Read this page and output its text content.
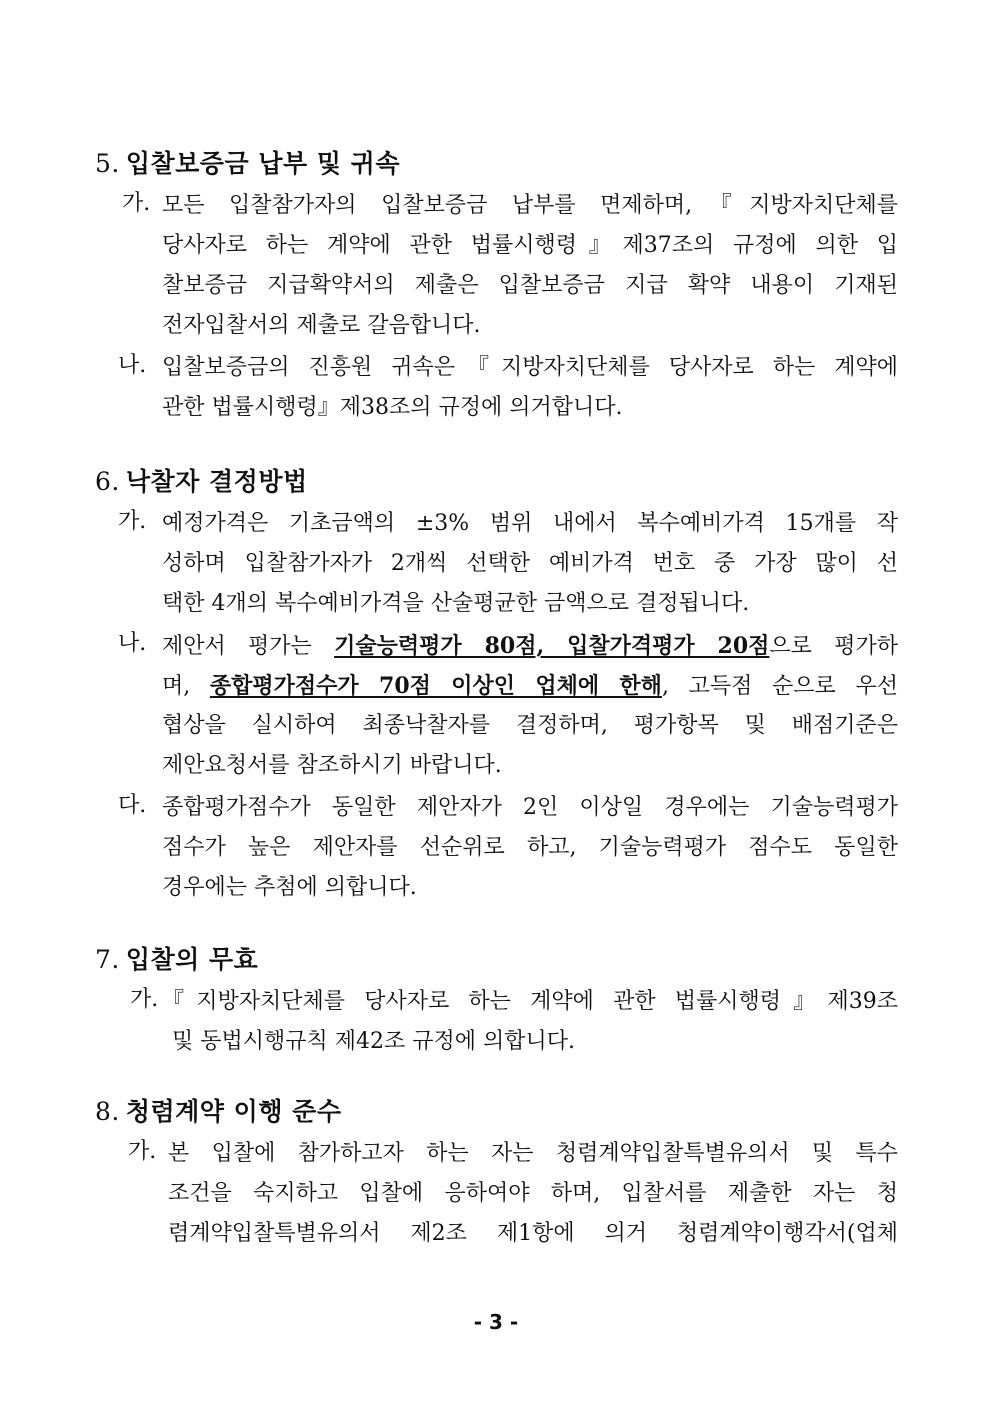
5. 입찰보증금 납부 및 귀속
가. 모든 입찰참가자의 입찰보증금 납부를 면제하며,『지방자치단체를
당사자로 하는 계약에 관한 법률시행령』제37조의 규정에 의한 입
찰보증금 지급확약서의 제출은 입찰보증금 지급 확약 내용이 기재된
전자입찰서의 제출로 갈음합니다.
나. 입찰보증금의 진흥원 귀속은『지방자치단체를 당사자로 하는 계약에
관한 법률시행령』제38조의 규정에 의거합니다.
6. 낙찰자 결정방법
가. 예정가격은 기초금액의 ±3% 범위 내에서 복수예비가격 15개를 작
성하며 입찰참가자가 2개씩 선택한 예비가격 번호 중 가장 많이 선
택한 4개의 복수예비가격을 산술평균한 금액으로 결정됩니다.
나. 제안서 평가는 기술능력평가 80점, 입찰가격평가 20점으로 평가하
며, 종합평가점수가 70점 이상인 업체에 한해, 고득점 순으로 우선
협상을 실시하여 최종낙찰자를 결정하며, 평가항목 및 배점기준은
제안요청서를 참조하시기 바랍니다.
다. 종합평가점수가 동일한 제안자가 2인 이상일 경우에는 기술능력평가
점수가 높은 제안자를 선순위로 하고, 기술능력평가 점수도 동일한
경우에는 추첨에 의합니다.
7. 입찰의 무효
가. 『지방자치단체를 당사자로 하는 계약에 관한 법률시행령』제39조
및 동법시행규칙 제42조 규정에 의합니다.
8. 청렴계약 이행 준수
가. 본 입찰에 참가하고자 하는 자는 청렴계약입찰특별유의서 및 특수
조건을 숙지하고 입찰에 응하여야 하며, 입찰서를 제출한 자는 청
렴계약입찰특별유의서 제2조 제1항에 의거 청렴계약이행각서(업체
- 3 -
